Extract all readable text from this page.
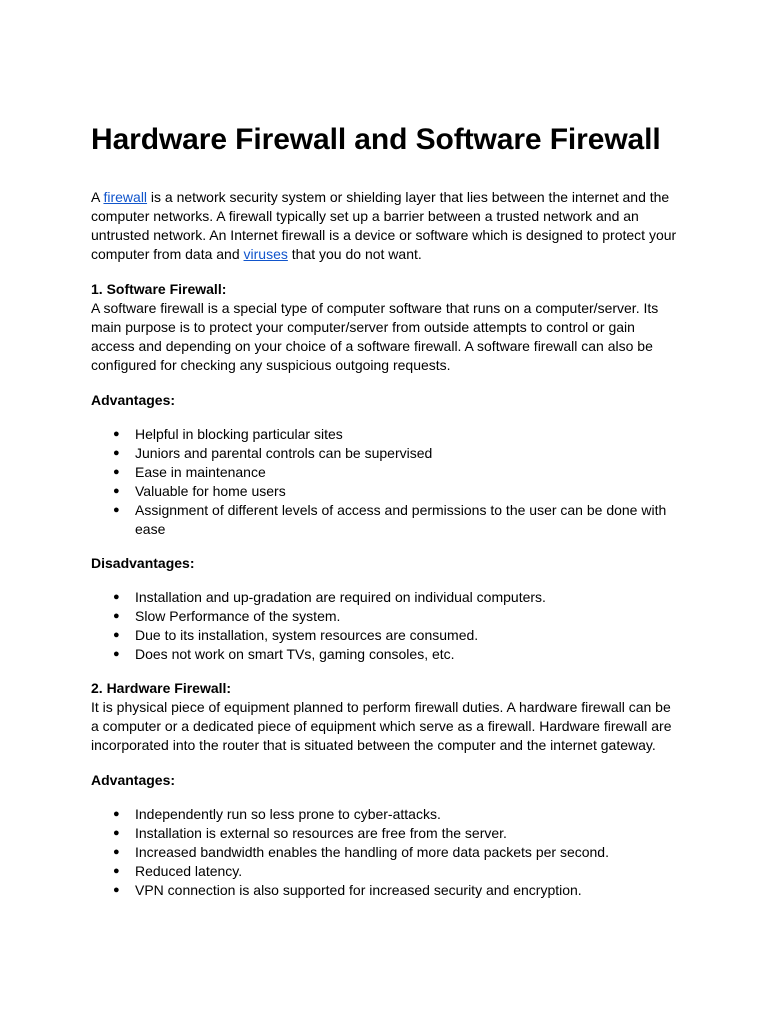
Hardware Firewall and Software Firewall

A firewall is a network security system or shielding layer that lies between the internet and the computer networks. A firewall typically set up a barrier between a trusted network and an untrusted network. An Internet firewall is a device or software which is designed to protect your computer from data and viruses that you do not want.

1. Software Firewall:

A software firewall is a special type of computer software that runs on a computer/server. Its main purpose is to protect your computer/server from outside attempts to control or gain access and depending on your choice of a software firewall. A software firewall can also be configured for checking any suspicious outgoing requests.

Advantages:

● Helpful in blocking particular sites
● Juniors and parental controls can be supervised
● Ease in maintenance
● Valuable for home users
● Assignment of different levels of access and permissions to the user can be done with ease

Disadvantages:

● Installation and up-gradation are required on individual computers.
● Slow Performance of the system.
● Due to its installation, system resources are consumed.
● Does not work on smart TVs, gaming consoles, etc.

2. Hardware Firewall:

It is physical piece of equipment planned to perform firewall duties. A hardware firewall can be a computer or a dedicated piece of equipment which serve as a firewall. Hardware firewall are incorporated into the router that is situated between the computer and the internet gateway.

Advantages:

● Independently run so less prone to cyber-attacks.
● Installation is external so resources are free from the server.
● Increased bandwidth enables the handling of more data packets per second.
● Reduced latency.
● VPN connection is also supported for increased security and encryption.
